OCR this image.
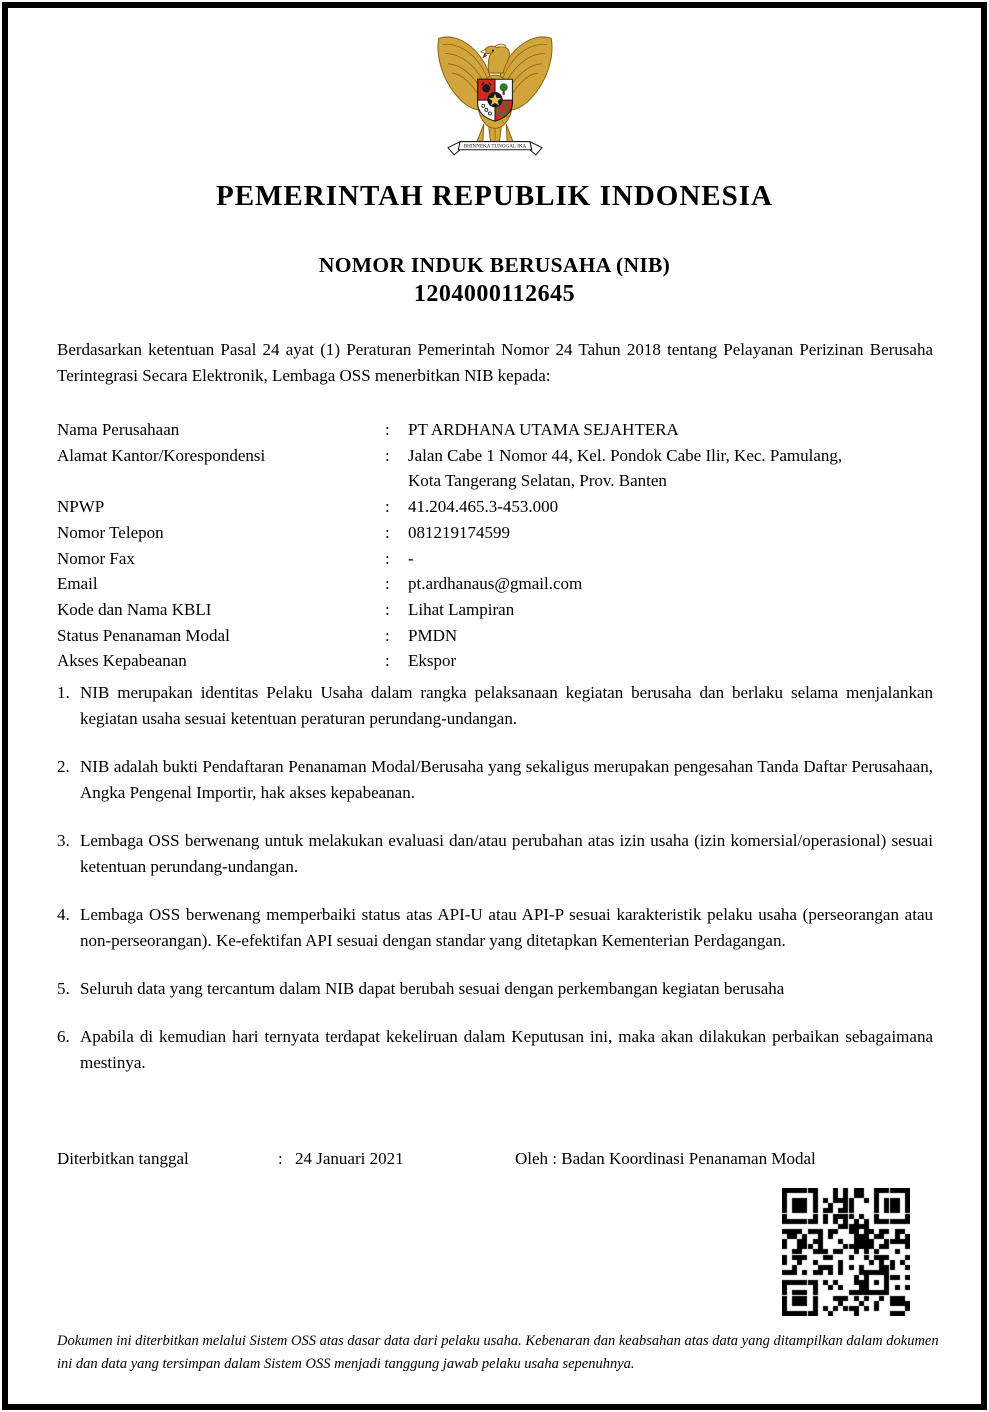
BHINNEKA TUNGGAL IKA
PEMERINTAH REPUBLIK INDONESIA
NOMOR INDUK BERUSAHA (NIB)
1204000112645
Berdasarkan ketentuan Pasal 24 ayat (1) Peraturan Pemerintah Nomor 24 Tahun 2018 tentang Pelayanan Perizinan Berusaha Terintegrasi Secara Elektronik, Lembaga OSS menerbitkan NIB kepada:
Nama Perusahaan	:	PT ARDHANA UTAMA SEJAHTERA
Alamat Kantor/Korespondensi	:	Jalan Cabe 1 Nomor 44, Kel. Pondok Cabe Ilir, Kec. Pamulang,
Kota Tangerang Selatan, Prov. Banten
NPWP	:	41.204.465.3-453.000
Nomor Telepon	:	081219174599
Nomor Fax	:	-
Email	:	pt.ardhanaus@gmail.com
Kode dan Nama KBLI	:	Lihat Lampiran
Status Penanaman Modal	:	PMDN
Akses Kepabeanan	:	Ekspor
1. NIB merupakan identitas Pelaku Usaha dalam rangka pelaksanaan kegiatan berusaha dan berlaku selama menjalankan kegiatan usaha sesuai ketentuan peraturan perundang-undangan.
2. NIB adalah bukti Pendaftaran Penanaman Modal/Berusaha yang sekaligus merupakan pengesahan Tanda Daftar Perusahaan, Angka Pengenal Importir, hak akses kepabeanan.
3. Lembaga OSS berwenang untuk melakukan evaluasi dan/atau perubahan atas izin usaha (izin komersial/operasional) sesuai ketentuan perundang-undangan.
4. Lembaga OSS berwenang memperbaiki status atas API-U atau API-P sesuai karakteristik pelaku usaha (perseorangan atau non-perseorangan). Ke-efektifan API sesuai dengan standar yang ditetapkan Kementerian Perdagangan.
5. Seluruh data yang tercantum dalam NIB dapat berubah sesuai dengan perkembangan kegiatan berusaha
6. Apabila di kemudian hari ternyata terdapat kekeliruan dalam Keputusan ini, maka akan dilakukan perbaikan sebagaimana mestinya.
Diterbitkan tanggal	: 24 Januari 2021	Oleh : Badan Koordinasi Penanaman Modal
Dokumen ini diterbitkan melalui Sistem OSS atas dasar data dari pelaku usaha. Kebenaran dan keabsahan atas data yang ditampilkan dalam dokumen ini dan data yang tersimpan dalam Sistem OSS menjadi tanggung jawab pelaku usaha sepenuhnya.
